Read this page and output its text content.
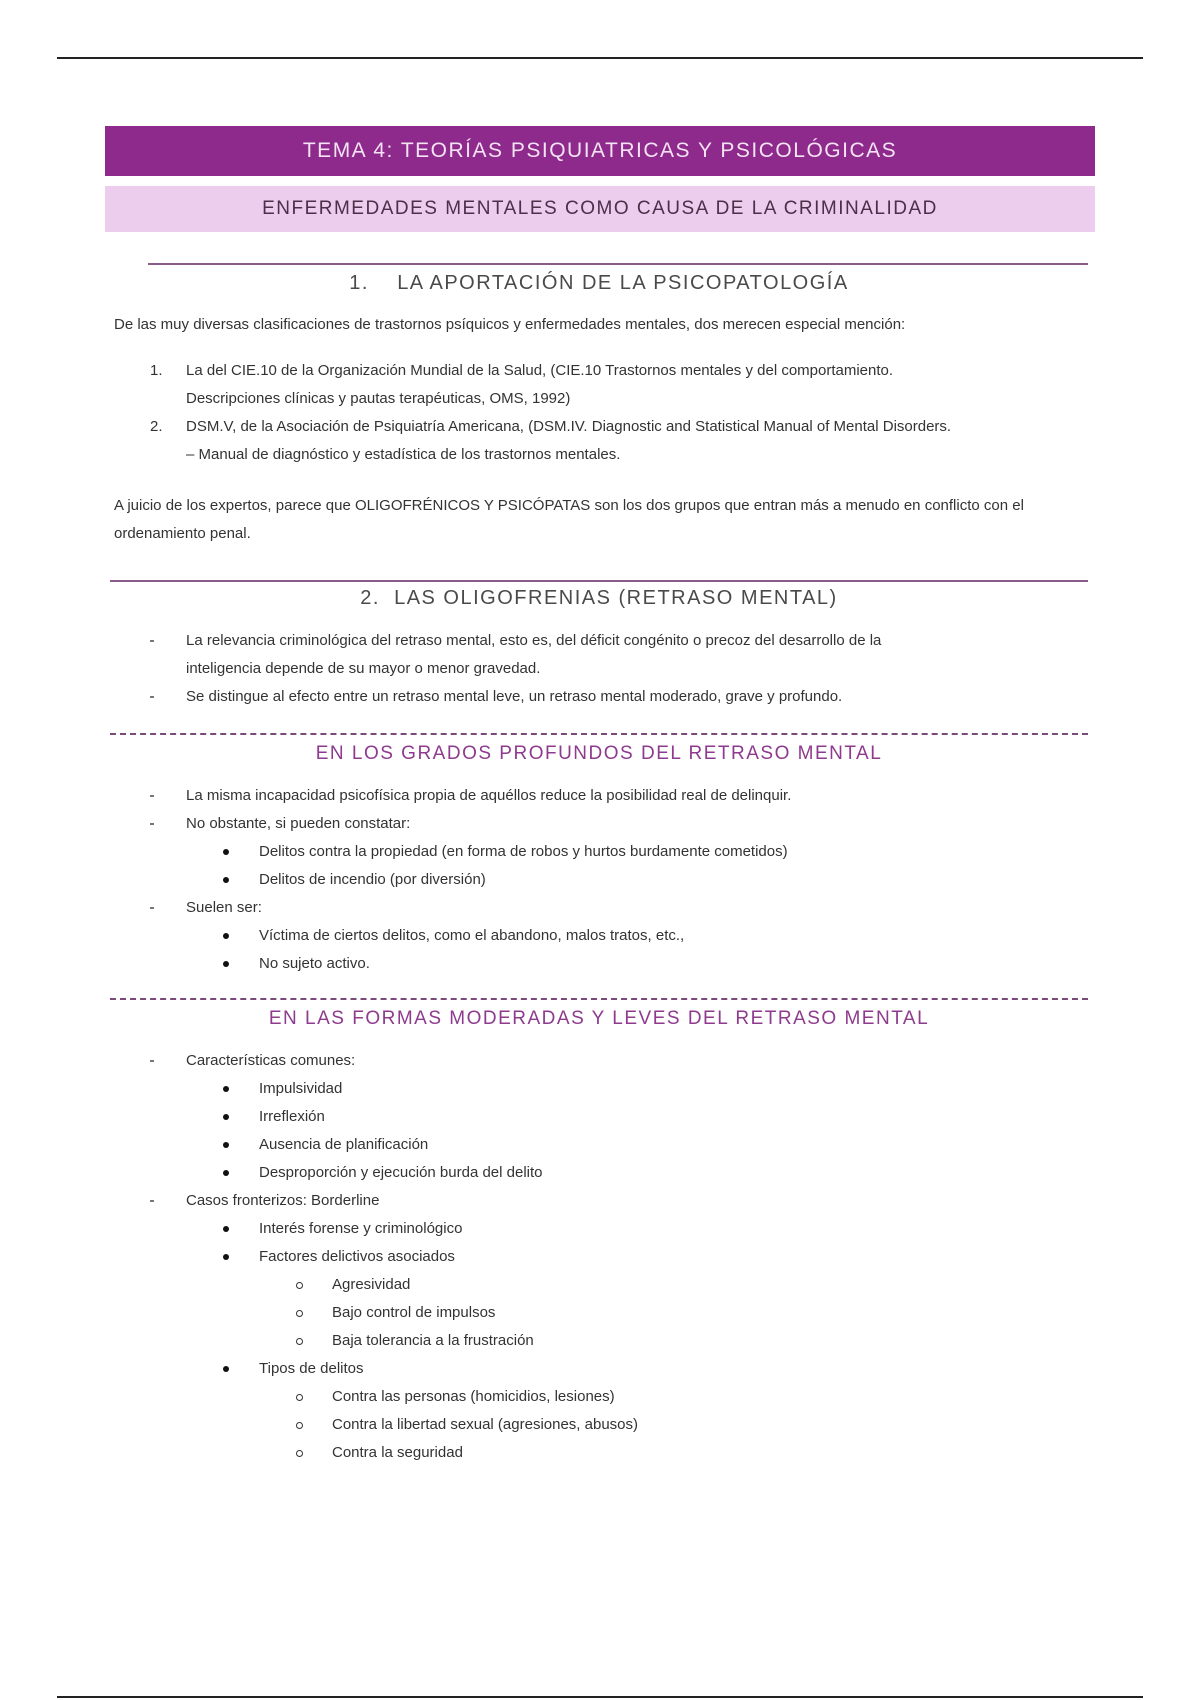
TEMA 4: TEORÍAS PSIQUIATRICAS Y PSICOLÓGICAS
ENFERMEDADES MENTALES COMO CAUSA DE LA CRIMINALIDAD
1.    LA APORTACIÓN DE LA PSICOPATOLOGÍA
De las muy diversas clasificaciones de trastornos psíquicos y enfermedades mentales, dos merecen especial mención:
1. La del CIE.10 de la Organización Mundial de la Salud, (CIE.10 Trastornos mentales y del comportamiento.
Descripciones clínicas y pautas terapéuticas, OMS, 1992)
2. DSM.V, de la Asociación de Psiquiatría Americana, (DSM.IV. Diagnostic and Statistical Manual of Mental Disorders.
– Manual de diagnóstico y estadística de los trastornos mentales.
A juicio de los expertos, parece que OLIGOFRÉNICOS Y PSICÓPATAS son los dos grupos que entran más a menudo en conflicto con el ordenamiento penal.
2.  LAS OLIGOFRENIAS (RETRASO MENTAL)
La relevancia criminológica del retraso mental, esto es, del déficit congénito o precoz del desarrollo de la
inteligencia depende de su mayor o menor gravedad.
Se distingue al efecto entre un retraso mental leve, un retraso mental moderado, grave y profundo.
EN LOS GRADOS PROFUNDOS DEL RETRASO MENTAL
La misma incapacidad psicofísica propia de aquéllos reduce la posibilidad real de delinquir.
No obstante, si pueden constatar:
Delitos contra la propiedad (en forma de robos y hurtos burdamente cometidos)
Delitos de incendio (por diversión)
Suelen ser:
Víctima de ciertos delitos, como el abandono, malos tratos, etc.,
No sujeto activo.
EN LAS FORMAS MODERADAS Y LEVES DEL RETRASO MENTAL
Características comunes:
Impulsividad
Irreflexión
Ausencia de planificación
Desproporción y ejecución burda del delito
Casos fronterizos: Borderline
Interés forense y criminológico
Factores delictivos asociados
Agresividad
Bajo control de impulsos
Baja tolerancia a la frustración
Tipos de delitos
Contra las personas (homicidios, lesiones)
Contra la libertad sexual (agresiones, abusos)
Contra la seguridad
